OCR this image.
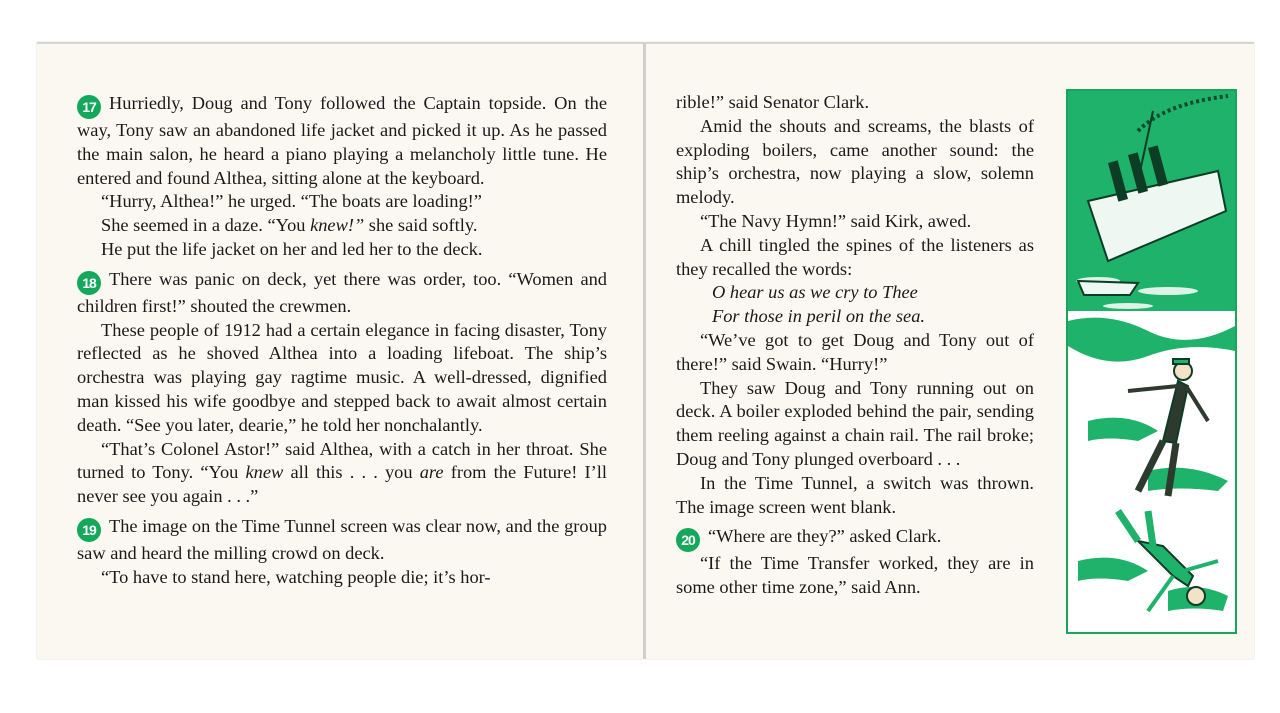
17 Hurriedly, Doug and Tony followed the Captain topside. On the way, Tony saw an abandoned life jacket and picked it up. As he passed the main salon, he heard a piano playing a melancholy little tune. He entered and found Althea, sitting alone at the keyboard.

“Hurry, Althea!” he urged. “The boats are loading!”

She seemed in a daze. “You knew!” she said softly.

He put the life jacket on her and led her to the deck.

18 There was panic on deck, yet there was order, too. “Women and children first!” shouted the crewmen.

These people of 1912 had a certain elegance in facing disaster, Tony reflected as he shoved Althea into a loading lifeboat. The ship’s orchestra was playing gay ragtime music. A well-dressed, dignified man kissed his wife goodbye and stepped back to await almost certain death. “See you later, dearie,” he told her nonchalantly.

“That’s Colonel Astor!” said Althea, with a catch in her throat. She turned to Tony. “You knew all this . . . you are from the Future! I’ll never see you again . . .”

19 The image on the Time Tunnel screen was clear now, and the group saw and heard the milling crowd on deck.

“To have to stand here, watching people die; it’s hor-

rible!” said Senator Clark.

Amid the shouts and screams, the blasts of exploding boilers, came another sound: the ship’s orchestra, now playing a slow, solemn melody.

“The Navy Hymn!” said Kirk, awed.

A chill tingled the spines of the listeners as they recalled the words:

O hear us as we cry to Thee

For those in peril on the sea.

“We’ve got to get Doug and Tony out of there!” said Swain. “Hurry!”

They saw Doug and Tony running out on deck. A boiler exploded behind the pair, sending them reeling against a chain rail. The rail broke; Doug and Tony plunged overboard . . .

In the Time Tunnel, a switch was thrown. The image screen went blank.

20 “Where are they?” asked Clark.

“If the Time Transfer worked, they are in some other time zone,” said Ann.
